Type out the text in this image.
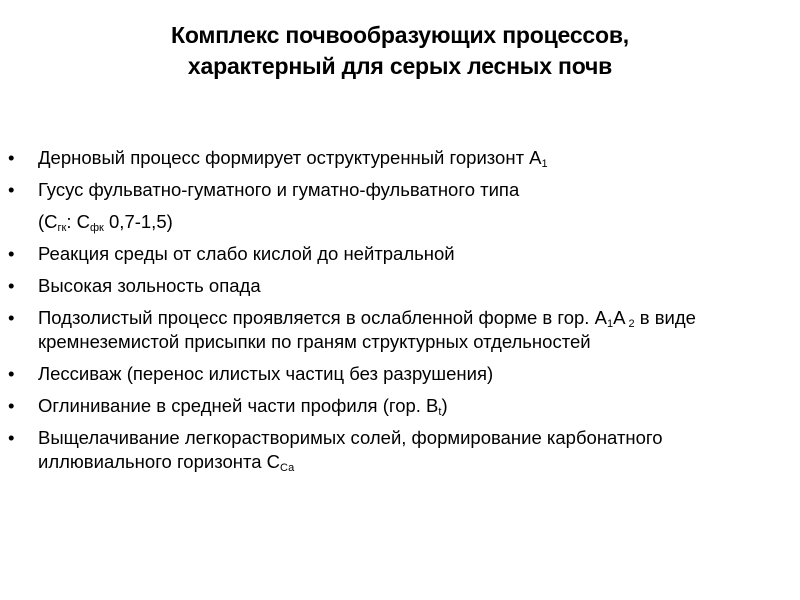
Комплекс почвообразующих процессов,
характерный для серых лесных почв
• Дерновый процесс формирует оструктуренный горизонт $А_1$
• Гусус фульватно-гуматного и гуматно-фульватного типа
($С_{гк}$: $С_{фк}$ 0,7-1,5)
• Реакция среды от слабо кислой до нейтральной
• Высокая зольность опада
• Подзолистый процесс проявляется в ослабленной форме в гор. $А_1А$ $_2$ в виде кремнеземистой присыпки по граням структурных отдельностей
• Лессиваж (перенос илистых частиц без разрушения)
• Оглинивание в средней части профиля (гор. $В_t$)
• Выщелачивание легкорастворимых солей, формирование карбонатного иллювиального горизонта $С_{Са}$
